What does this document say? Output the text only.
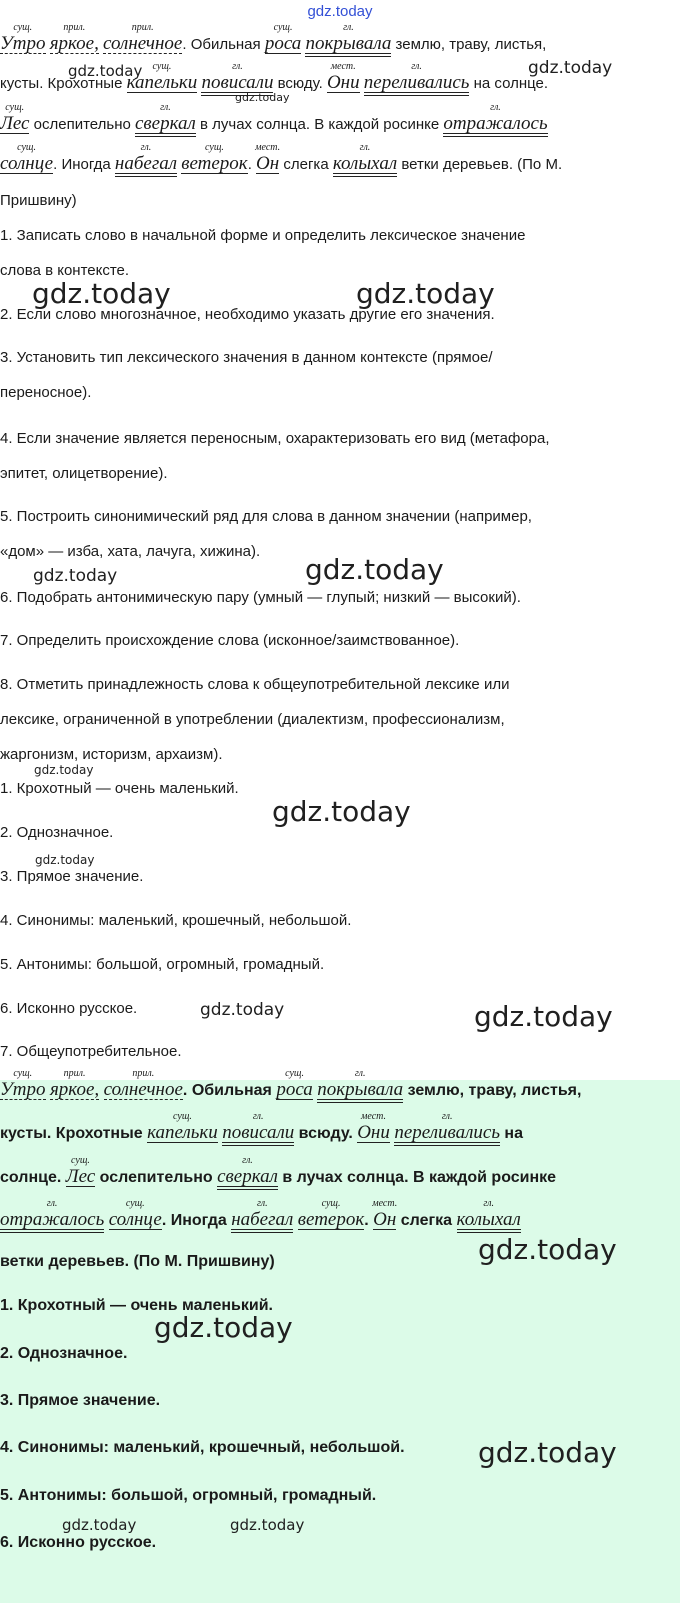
gdz.today
сущ.
Утро
прил.
яркое,
прил.
солнечное. Обильная
сущ.
роса
гл.
покрывала землю, траву, листья,
кусты. Крохотные
сущ.
капельки
гл.
повисали всюду.
мест.
Они
гл.
переливались на солнце.
сущ.
Лес ослепительно
гл.
сверкал в лучах солнца. В каждой росинке
гл.
отражалось
сущ.
солнце. Иногда
гл.
набегал
сущ.
ветерок.
мест.
Он слегка
гл.
колыхал ветки деревьев. (По М.
Пришвину)
1. Записать слово в начальной форме и определить лексическое значение
слова в контексте.
2. Если слово многозначное, необходимо указать другие его значения.
3. Установить тип лексического значения в данном контексте (прямое/
переносное).
4. Если значение является переносным, охарактеризовать его вид (метафора,
эпитет, олицетворение).
5. Построить синонимический ряд для слова в данном значении (например,
«дом» — изба, хата, лачуга, хижина).
6. Подобрать антонимическую пару (умный — глупый; низкий — высокий).
7. Определить происхождение слова (исконное/заимствованное).
8. Отметить принадлежность слова к общеупотребительной лексике или
лексике, ограниченной в употреблении (диалектизм, профессионализм,
жаргонизм, историзм, архаизм).
1. Крохотный — очень маленький.
2. Однозначное.
3. Прямое значение.
4. Синонимы: маленький, крошечный, небольшой.
5. Антонимы: большой, огромный, громадный.
6. Исконно русское.
7. Общеупотребительное.
сущ.
Утро
прил.
яркое,
прил.
солнечное. Обильная
сущ.
роса
гл.
покрывала землю, траву, листья,
кусты. Крохотные
сущ.
капельки
гл.
повисали всюду.
мест.
Они
гл.
переливались на
солнце.
сущ.
Лес ослепительно
гл.
сверкал в лучах солнца. В каждой росинке
гл.
отражалось
сущ.
солнце. Иногда
гл.
набегал
сущ.
ветерок.
мест.
Он слегка
гл.
колыхал
ветки деревьев. (По М. Пришвину)
1. Крохотный — очень маленький.
2. Однозначное.
3. Прямое значение.
4. Синонимы: маленький, крошечный, небольшой.
5. Антонимы: большой, огромный, громадный.
6. Исконно русское.
gdz.today
gdz.today
gdz.today
gdz.today	gdz.today
gdz.today	gdz.today
gdz.today
gdz.today
gdz.today
gdz.today	gdz.today
gdz.today
gdz.today
gdz.today
gdz.today	gdz.today
